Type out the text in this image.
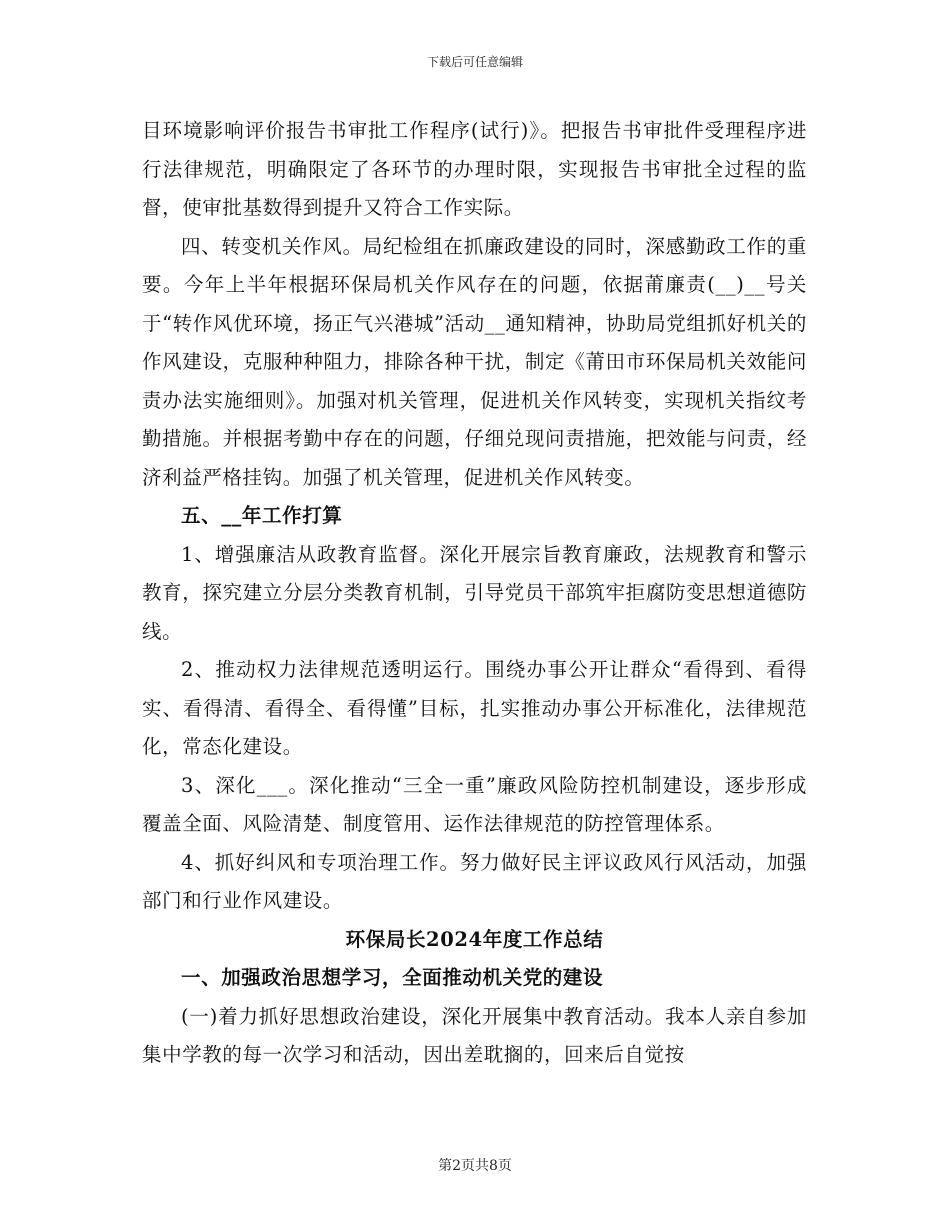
下载后可任意编辑

目环境影响评价报告书审批工作程序(试行)》。把报告书审批件受理程序进行法律规范，明确限定了各环节的办理时限，实现报告书审批全过程的监督，使审批基数得到提升又符合工作实际。

四、转变机关作风。局纪检组在抓廉政建设的同时，深感勤政工作的重要。今年上半年根据环保局机关作风存在的问题，依据莆廉责(__)__号关于“转作风优环境，扬正气兴港城”活动__通知精神，协助局党组抓好机关的作风建设，克服种种阻力，排除各种干扰，制定《莆田市环保局机关效能问责办法实施细则》。加强对机关管理，促进机关作风转变，实现机关指纹考勤措施。并根据考勤中存在的问题，仔细兑现问责措施，把效能与问责，经济利益严格挂钩。加强了机关管理，促进机关作风转变。

五、__年工作打算

1、增强廉洁从政教育监督。深化开展宗旨教育廉政，法规教育和警示教育，探究建立分层分类教育机制，引导党员干部筑牢拒腐防变思想道德防线。

2、推动权力法律规范透明运行。围绕办事公开让群众“看得到、看得实、看得清、看得全、看得懂”目标，扎实推动办事公开标准化，法律规范化，常态化建设。

3、深化___。深化推动“三全一重”廉政风险防控机制建设，逐步形成覆盖全面、风险清楚、制度管用、运作法律规范的防控管理体系。

4、抓好纠风和专项治理工作。努力做好民主评议政风行风活动，加强部门和行业作风建设。

环保局长2024年度工作总结

一、加强政治思想学习，全面推动机关党的建设

(一)着力抓好思想政治建设，深化开展集中教育活动。我本人亲自参加集中学教的每一次学习和活动，因出差耽搁的，回来后自觉按

第2页共8页
